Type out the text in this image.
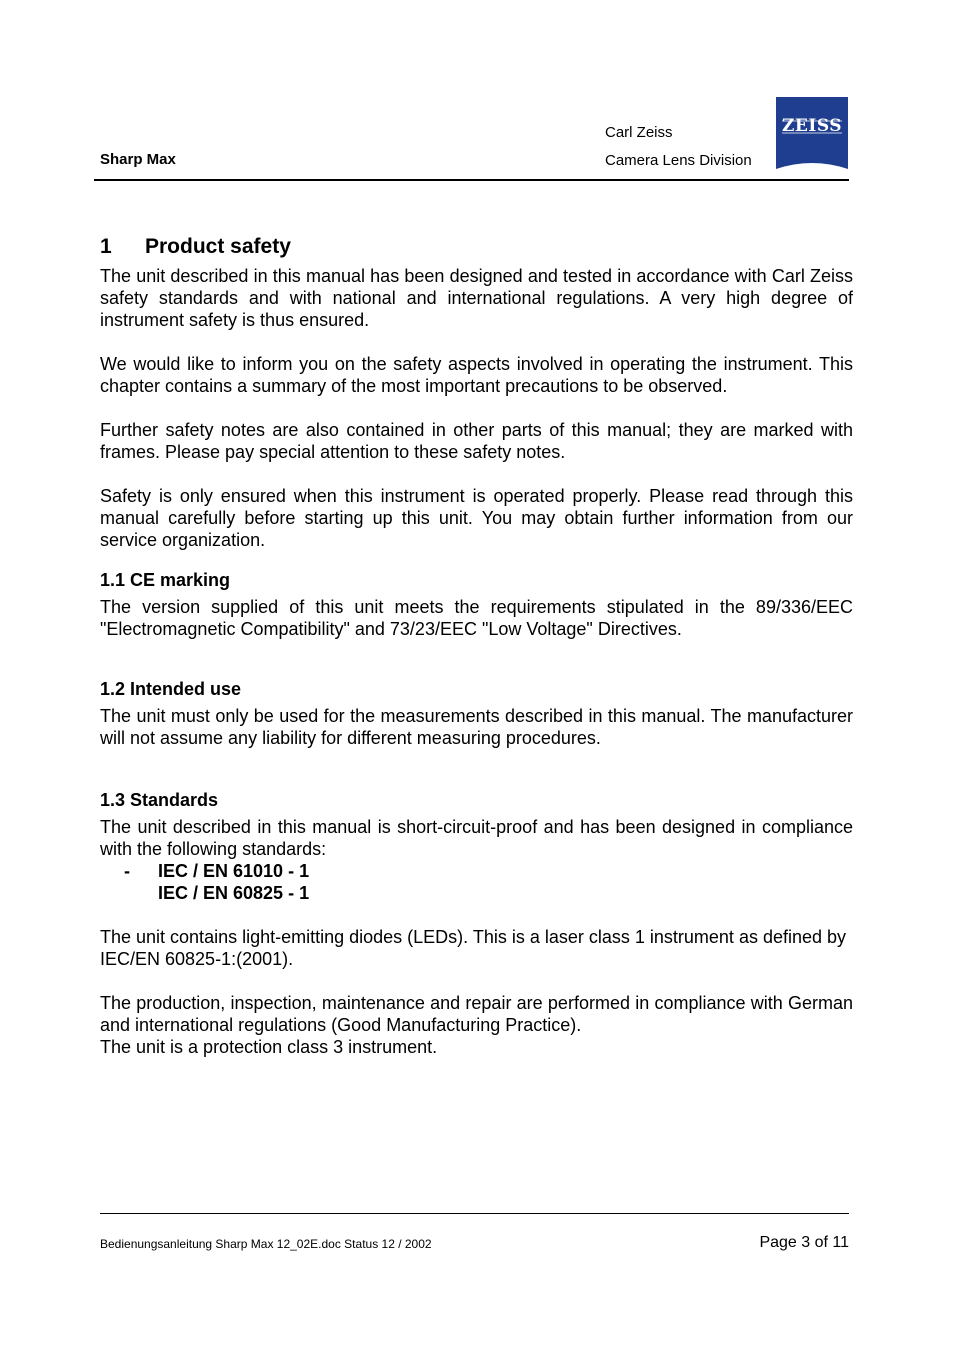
Sharp Max
Carl Zeiss
Camera Lens Division
ZEISS
1	Product safety

The unit described in this manual has been designed and tested in accordance with Carl Zeiss safety standards and with national and international regulations. A very high degree of instrument safety is thus ensured.

We would like to inform you on the safety aspects involved in operating the instrument. This chapter contains a summary of the most important precautions to be observed.

Further safety notes are also contained in other parts of this manual; they are marked with frames. Please pay special attention to these safety notes.

Safety is only ensured when this instrument is operated properly. Please read through this manual carefully before starting up this unit. You may obtain further information from our service organization.

1.1 CE marking

The version supplied of this unit meets the requirements stipulated in the 89/336/EEC "Electromagnetic Compatibility" and 73/23/EEC "Low Voltage" Directives.

1.2 Intended use

The unit must only be used for the measurements described in this manual. The manufacturer will not assume any liability for different measuring procedures.

1.3 Standards

The unit described in this manual is short-circuit-proof and has been designed in compliance with the following standards:

-	IEC / EN 61010 - 1
IEC / EN 60825 - 1

The unit contains light-emitting diodes (LEDs). This is a laser class 1 instrument as defined by IEC/EN 60825-1:(2001).

The production, inspection, maintenance and repair are performed in compliance with German and international regulations (Good Manufacturing Practice).

The unit is a protection class 3 instrument.

Bedienungsanleitung Sharp Max 12_02E.doc Status 12 / 2002	Page 3 of 11
